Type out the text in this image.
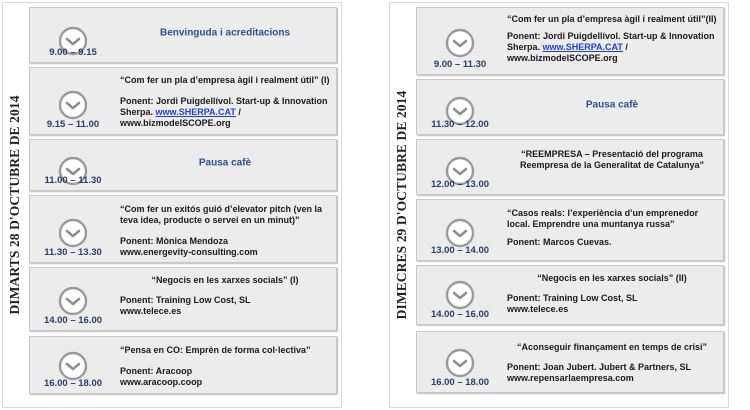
DIMARTS 28 D'OCTUBRE DE 2014
9.00 – 9.15
Benvinguda i acreditacions
9.15 – 11.00
“Com fer un pla d’empresa àgil i realment útil” (I)
Ponent: Jordi Puigdellívol. Start-up & Innovation Sherpa. www.SHERPA.CAT /
www.bizmodelSCOPE.org
11.00 – 11.30
Pausa cafè
11.30 – 13.30
“Com fer un exitós guió d’elevator pitch (ven la teva idea, producte o servei en un minut)”
Ponent: Mònica Mendoza
www.energevity-consulting.com
14.00 – 16.00
“Negocis en les xarxes socials” (I)
Ponent: Training Low Cost, SL
www.telece.es
16.00 – 18.00
“Pensa en CO: Emprèn de forma col·lectiva”
Ponent: Aracoop
www.aracoop.coop
DIMECRES 29 D'OCTUBRE DE 2014
9.00 – 11.30
“Com fer un pla d’empresa àgil i realment útil”(II)
Ponent: Jordi Puigdellívol. Start-up & Innovation Sherpa. www.SHERPA.CAT /
www.bizmodelSCOPE.org
11.30 – 12.00
Pausa cafè
12.00 – 13.00
“REEMPRESA – Presentació del programa Reempresa de la Generalitat de Catalunya”
13.00 – 14.00
“Casos reals: l’experiència d’un emprenedor local. Emprendre una muntanya russa”
Ponent: Marcos Cuevas.
14.00 – 16.00
“Negocis en les xarxes socials” (II)
Ponent: Training Low Cost, SL
www.telece.es
16.00 – 18.00
“Aconseguir finançament en temps de crisi”
Ponent: Joan Jubert. Jubert & Partners, SL
www.repensarlaempresa.com
